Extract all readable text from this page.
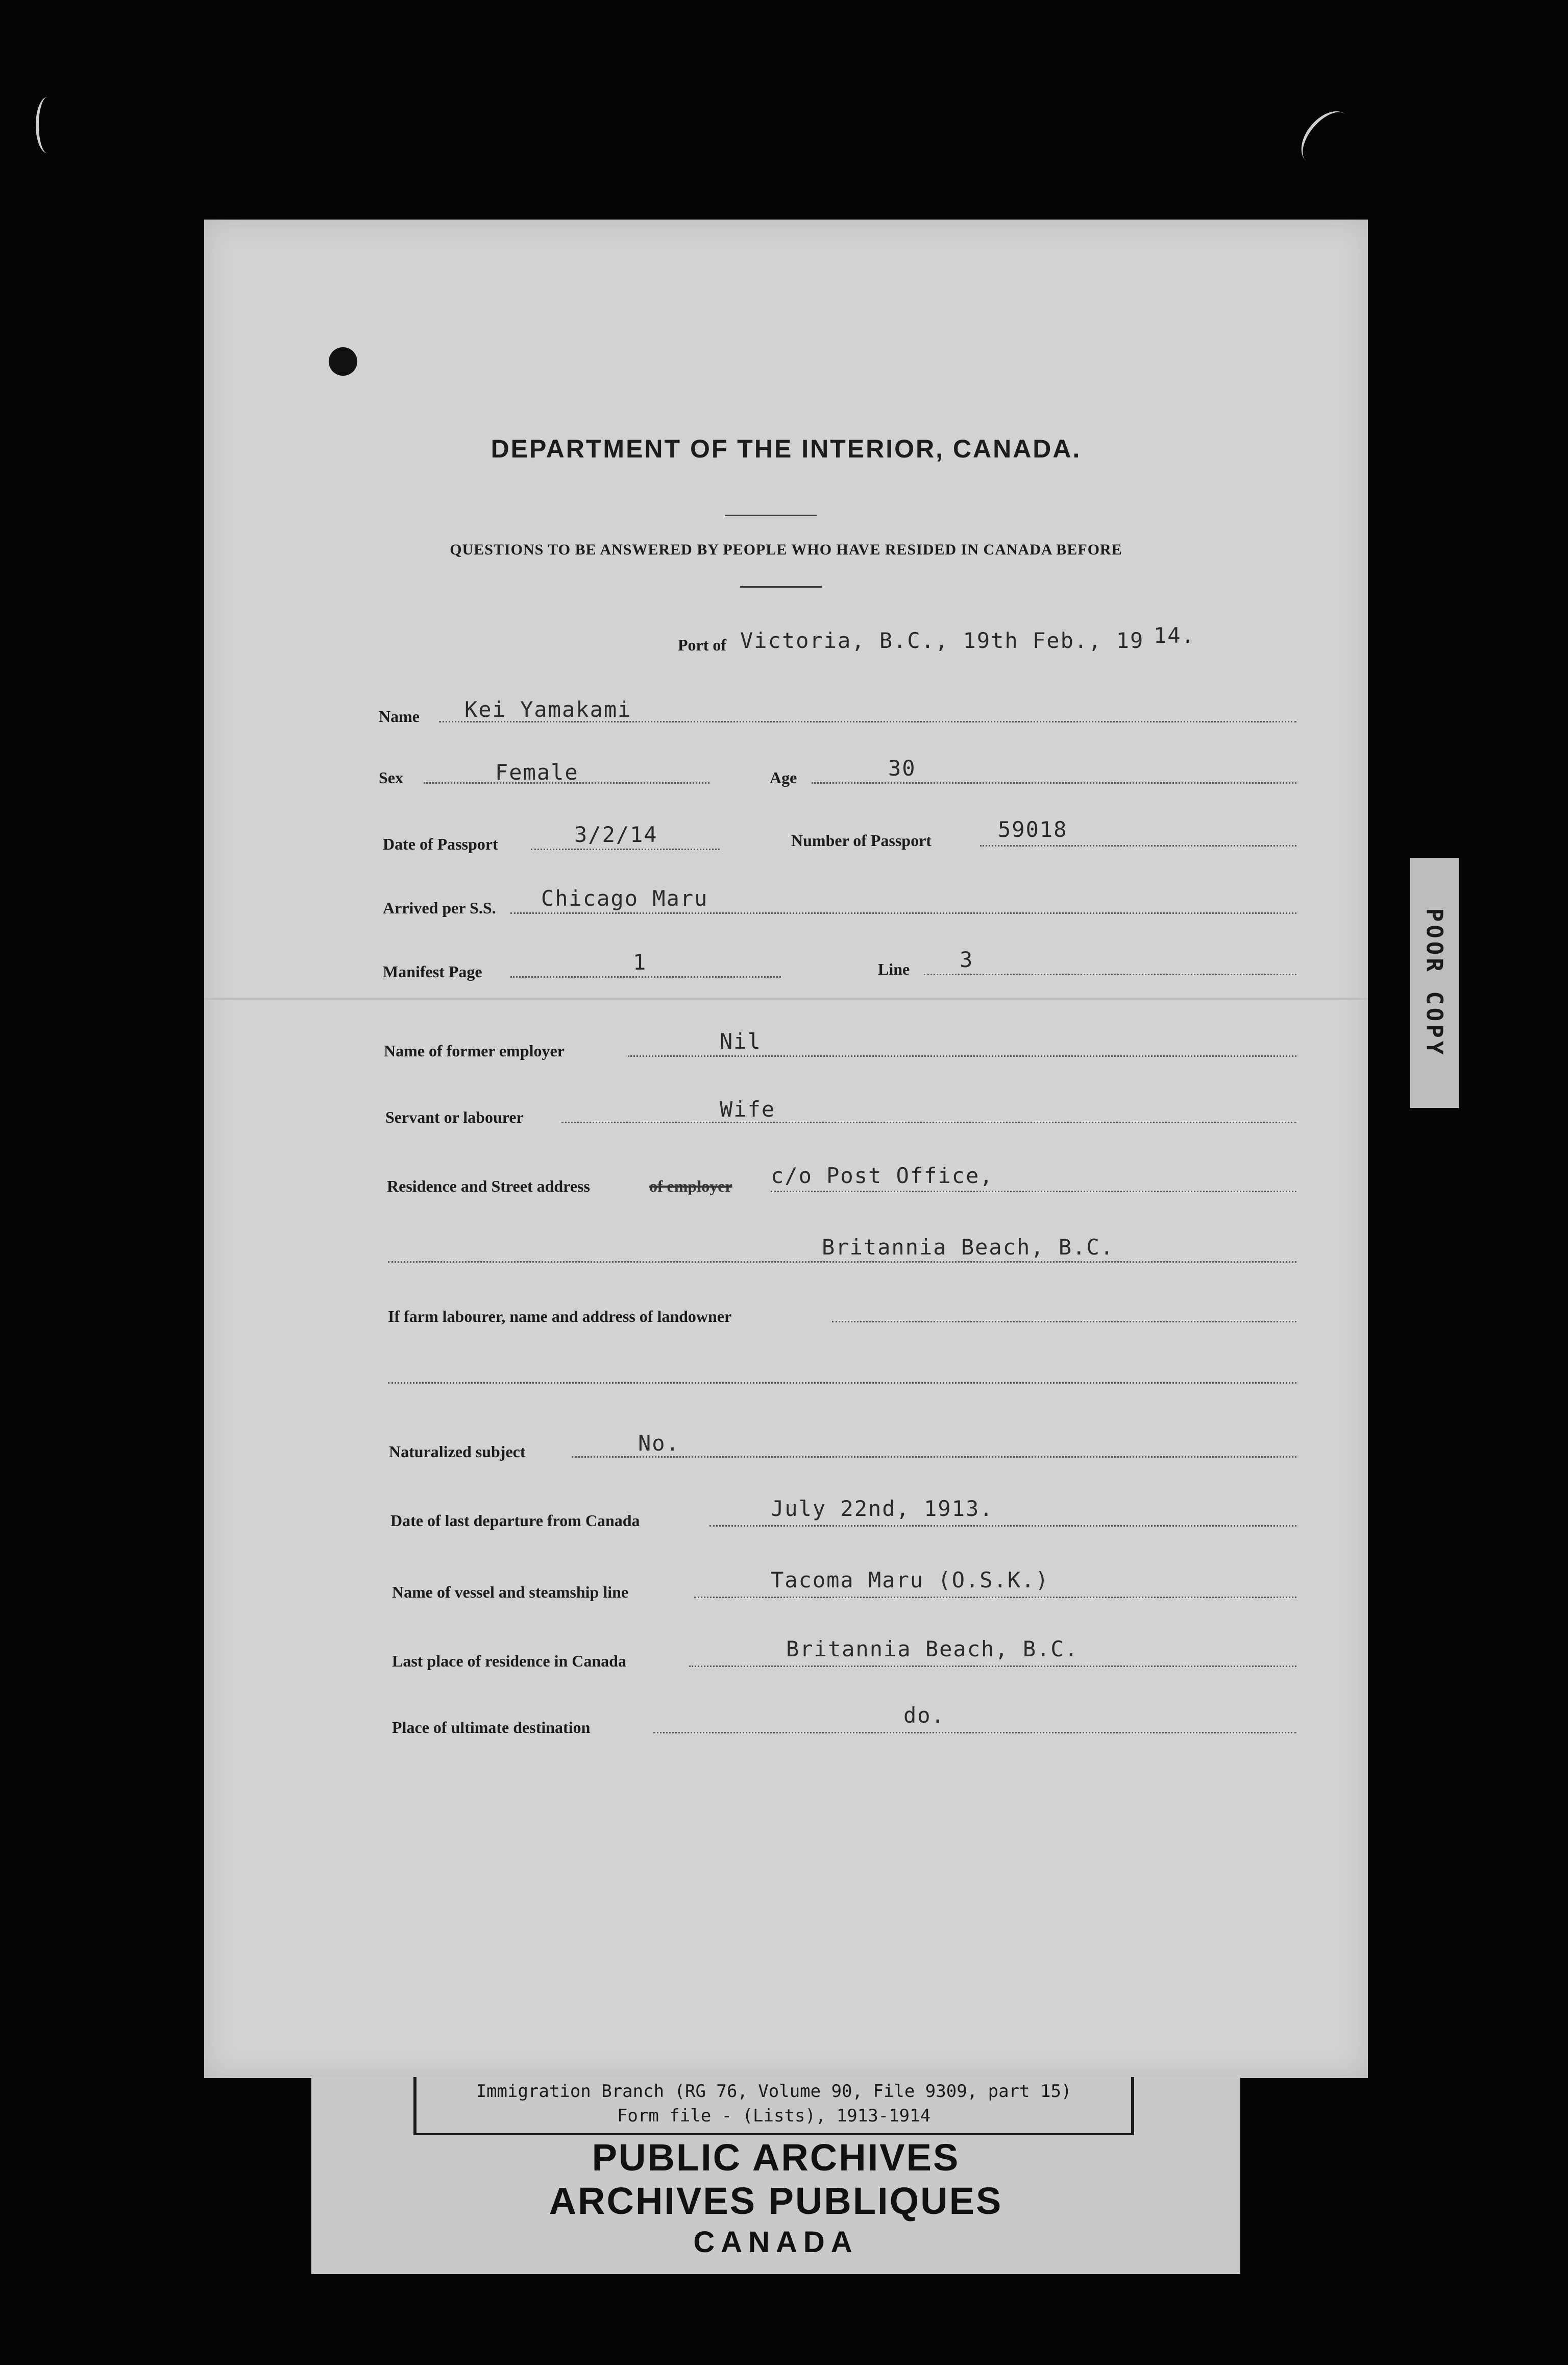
DEPARTMENT OF THE INTERIOR, CANADA.
QUESTIONS TO BE ANSWERED BY PEOPLE WHO HAVE RESIDED IN CANADA BEFORE
Port of Victoria, B.C., 19th Feb., 19 14.
Name Kei Yamakami
Sex	Female	Age	30
Date of Passport	3/2/14	Number of Passport	59018
Arrived per S.S. Chicago Maru
Manifest Page	1	Line 3
Name of former employer	Nil
Servant or labourer	Wife
Residence and Street address	of employer c/o Post Office,
Britannia Beach, B.C.
If farm labourer, name and address of landowner
Naturalized subject	No.
Date of last departure from Canada	July 22nd, 1913.
Name of vessel and steamship line	Tacoma Maru (O.S.K.)
Last place of residence in Canada	Britannia Beach, B.C.
Place of ultimate destination	do.
POOR COPY
Immigration Branch (RG 76, Volume 90, File 9309, part 15)
Form file - (Lists), 1913-1914
PUBLIC ARCHIVES
ARCHIVES PUBLIQUES
CANADA
